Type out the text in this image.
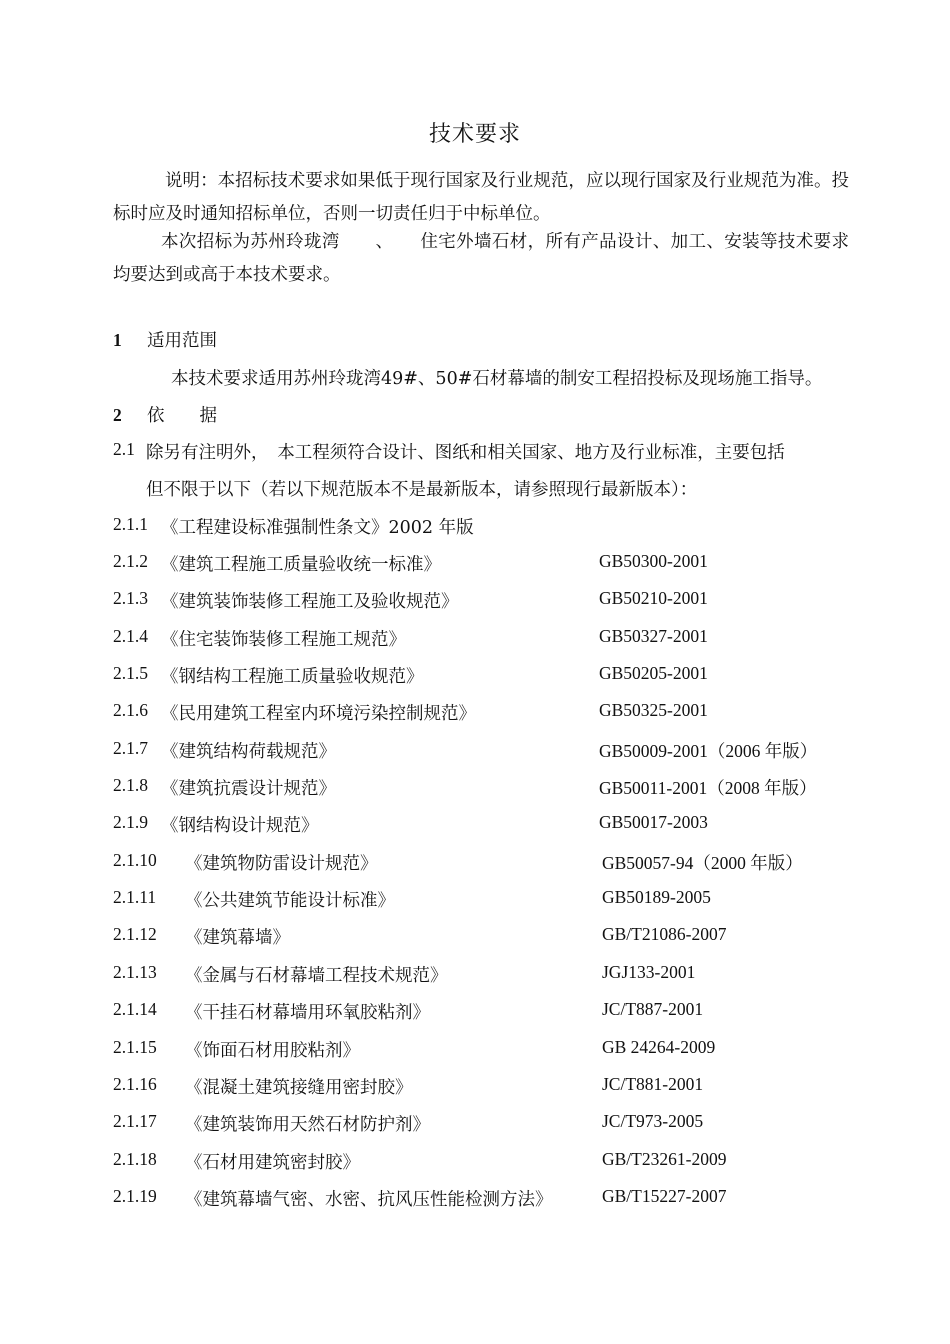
技术要求
说明：本招标技术要求如果低于现行国家及行业规范，应以现行国家及行业规范为准。投标时应及时通知招标单位，否则一切责任归于中标单位。
本次招标为苏州玲珑湾　　、　　住宅外墙石材，所有产品设计、加工、安装等技术要求均要达到或高于本技术要求。
1 适用范围
本技术要求适用苏州玲珑湾49#、50#石材幕墙的制安工程招投标及现场施工指导。
2 依　　据
2.1 除另有注明外，　本工程须符合设计、图纸和相关国家、地方及行业标准，主要包括
但不限于以下（若以下规范版本不是最新版本，请参照现行最新版本）：
2.1.1 《工程建设标准强制性条文》2002 年版
2.1.2 《建筑工程施工质量验收统一标准》	GB50300-2001
2.1.3 《建筑装饰装修工程施工及验收规范》	GB50210-2001
2.1.4 《住宅装饰装修工程施工规范》	GB50327-2001
2.1.5 《钢结构工程施工质量验收规范》	GB50205-2001
2.1.6 《民用建筑工程室内环境污染控制规范》	GB50325-2001
2.1.7 《建筑结构荷载规范》	GB50009-2001（2006 年版）
2.1.8 《建筑抗震设计规范》	GB50011-2001（2008 年版）
2.1.9 《钢结构设计规范》	GB50017-2003
2.1.10 《建筑物防雷设计规范》	GB50057-94（2000 年版）
2.1.11 《公共建筑节能设计标准》	GB50189-2005
2.1.12 《建筑幕墙》	GB/T21086-2007
2.1.13 《金属与石材幕墙工程技术规范》	JGJ133-2001
2.1.14 《干挂石材幕墙用环氧胶粘剂》	JC/T887-2001
2.1.15 《饰面石材用胶粘剂》	GB 24264-2009
2.1.16 《混凝土建筑接缝用密封胶》	JC/T881-2001
2.1.17 《建筑装饰用天然石材防护剂》	JC/T973-2005
2.1.18 《石材用建筑密封胶》	GB/T23261-2009
2.1.19 《建筑幕墙气密、水密、抗风压性能检测方法》	GB/T15227-2007
